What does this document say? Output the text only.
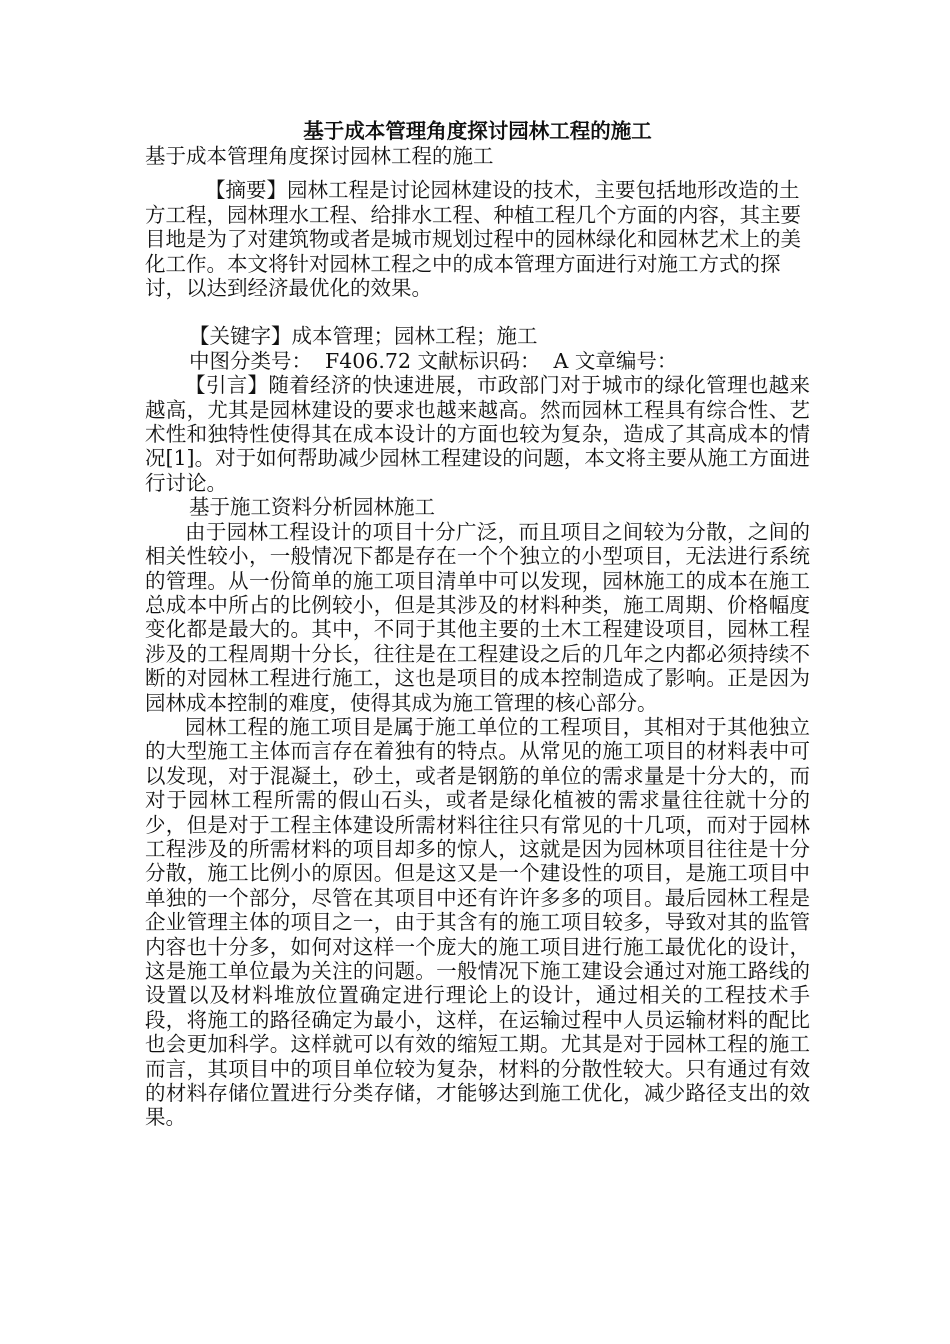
基于成本管理角度探讨园林工程的施工

基于成本管理角度探讨园林工程的施工

【摘要】园林工程是讨论园林建设的技术，主要包括地形改造的土方工程，园林理水工程、给排水工程、种植工程几个方面的内容，其主要目地是为了对建筑物或者是城市规划过程中的园林绿化和园林艺术上的美化工作。本文将针对园林工程之中的成本管理方面进行对施工方式的探讨，以达到经济最优化的效果。

【关键字】成本管理；园林工程；施工

中图分类号：  F406.72 文献标识码：  A 文章编号：

【引言】随着经济的快速进展，市政部门对于城市的绿化管理也越来越高，尤其是园林建设的要求也越来越高。然而园林工程具有综合性、艺术性和独特性使得其在成本设计的方面也较为复杂，造成了其高成本的情况[1]。对于如何帮助减少园林工程建设的问题，本文将主要从施工方面进行讨论。

基于施工资料分析园林施工

由于园林工程设计的项目十分广泛，而且项目之间较为分散，之间的相关性较小，一般情况下都是存在一个个独立的小型项目，无法进行系统的管理。从一份简单的施工项目清单中可以发现，园林施工的成本在施工总成本中所占的比例较小，但是其涉及的材料种类，施工周期、价格幅度变化都是最大的。其中，不同于其他主要的土木工程建设项目，园林工程涉及的工程周期十分长，往往是在工程建设之后的几年之内都必须持续不断的对园林工程进行施工，这也是项目的成本控制造成了影响。正是因为园林成本控制的难度，使得其成为施工管理的核心部分。

园林工程的施工项目是属于施工单位的工程项目，其相对于其他独立的大型施工主体而言存在着独有的特点。从常见的施工项目的材料表中可以发现，对于混凝土，砂土，或者是钢筋的单位的需求量是十分大的，而对于园林工程所需的假山石头，或者是绿化植被的需求量往往就十分的少，但是对于工程主体建设所需材料往往只有常见的十几项，而对于园林工程涉及的所需材料的项目却多的惊人，这就是因为园林项目往往是十分分散，施工比例小的原因。但是这又是一个建设性的项目，是施工项目中单独的一个部分，尽管在其项目中还有许许多多的项目。最后园林工程是企业管理主体的项目之一，由于其含有的施工项目较多，导致对其的监管内容也十分多，如何对这样一个庞大的施工项目进行施工最优化的设计，这是施工单位最为关注的问题。一般情况下施工建设会通过对施工路线的设置以及材料堆放位置确定进行理论上的设计，通过相关的工程技术手段，将施工的路径确定为最小，这样，在运输过程中人员运输材料的配比也会更加科学。这样就可以有效的缩短工期。尤其是对于园林工程的施工而言，其项目中的项目单位较为复杂，材料的分散性较大。只有通过有效的材料存储位置进行分类存储，才能够达到施工优化，减少路径支出的效果。
